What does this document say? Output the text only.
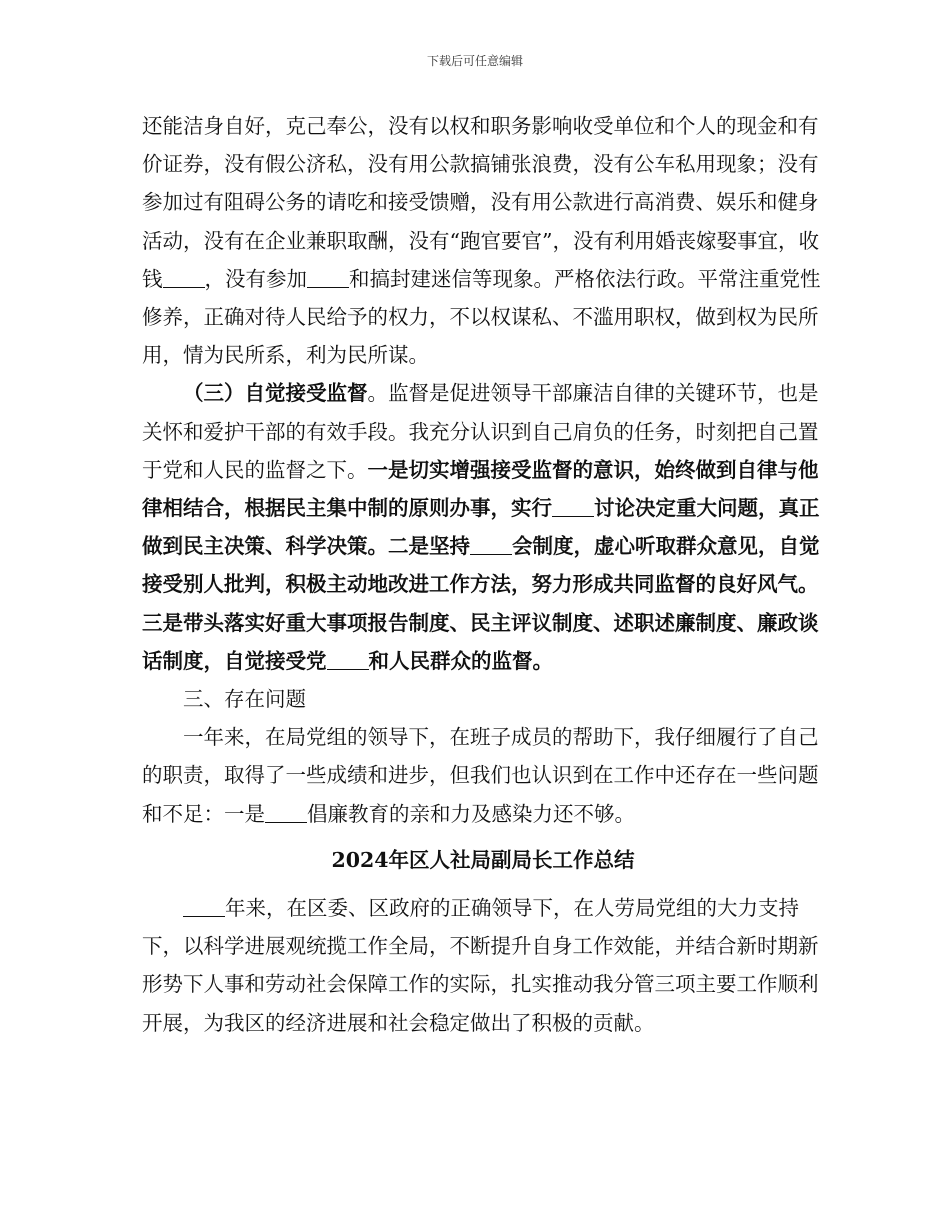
下载后可任意编辑

还能洁身自好，克己奉公，没有以权和职务影响收受单位和个人的现金和有价证券，没有假公济私，没有用公款搞铺张浪费，没有公车私用现象；没有参加过有阻碍公务的请吃和接受馈赠，没有用公款进行高消费、娱乐和健身活动，没有在企业兼职取酬，没有“跑官要官”，没有利用婚丧嫁娶事宜，收钱 ，没有参加 和搞封建迷信等现象。严格依法行政。平常注重党性修养，正确对待人民给予的权力，不以权谋私、不滥用职权，做到权为民所用，情为民所系，利为民所谋。

（三）自觉接受监督。监督是促进领导干部廉洁自律的关键环节，也是关怀和爱护干部的有效手段。我充分认识到自己肩负的任务，时刻把自己置于党和人民的监督之下。一是切实增强接受监督的意识，始终做到自律与他律相结合，根据民主集中制的原则办事，实行 讨论决定重大问题，真正做到民主决策、科学决策。二是坚持 会制度，虚心听取群众意见，自觉接受别人批判，积极主动地改进工作方法，努力形成共同监督的良好风气。三是带头落实好重大事项报告制度、民主评议制度、述职述廉制度、廉政谈话制度，自觉接受党 和人民群众的监督。

三、存在问题

一年来，在局党组的领导下，在班子成员的帮助下，我仔细履行了自己的职责，取得了一些成绩和进步，但我们也认识到在工作中还存在一些问题和不足：一是 倡廉教育的亲和力及感染力还不够。

2024年区人社局副局长工作总结

年来，在区委、区政府的正确领导下，在人劳局党组的大力支持下，以科学进展观统揽工作全局，不断提升自身工作效能，并结合新时期新形势下人事和劳动社会保障工作的实际，扎实推动我分管三项主要工作顺利开展，为我区的经济进展和社会稳定做出了积极的贡献。
